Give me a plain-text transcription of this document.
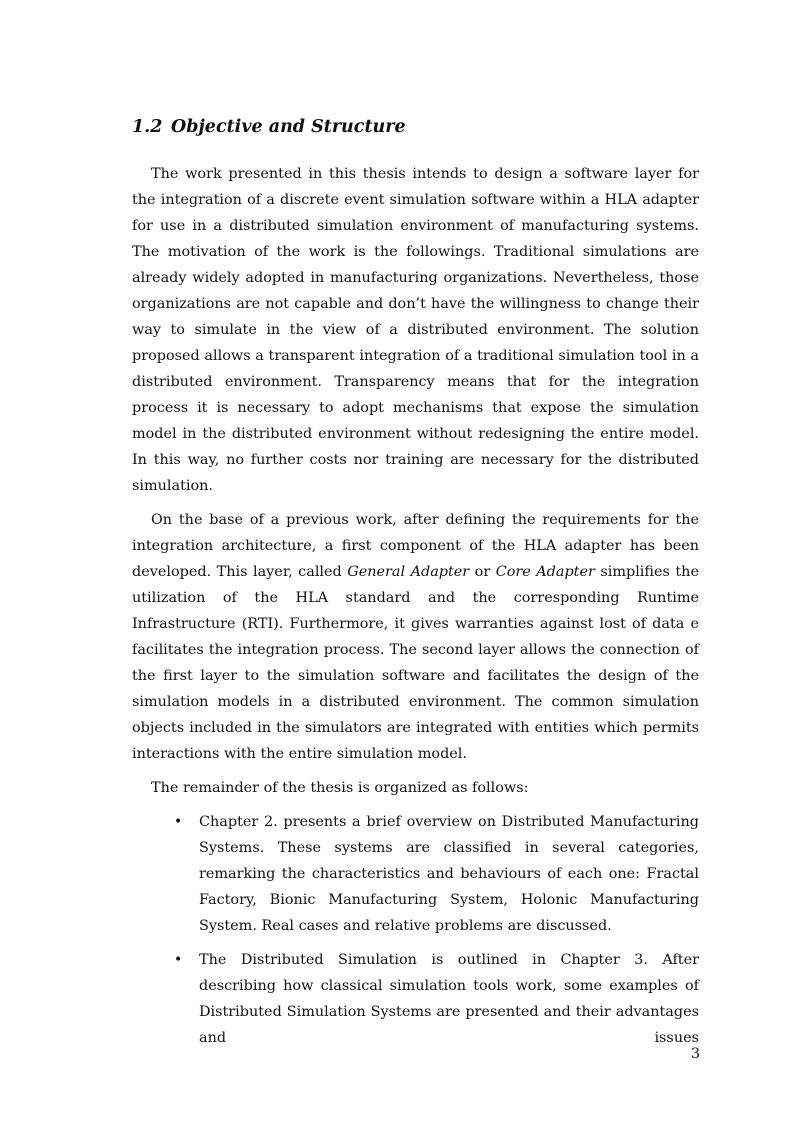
1.2 Objective and Structure

The work presented in this thesis intends to design a software layer for the integration of a discrete event simulation software within a HLA adapter for use in a distributed simulation environment of manufacturing systems. The motivation of the work is the followings. Traditional simulations are already widely adopted in manufacturing organizations. Nevertheless, those organizations are not capable and don’t have the willingness to change their way to simulate in the view of a distributed environment. The solution proposed allows a transparent integration of a traditional simulation tool in a distributed environment. Transparency means that for the integration process it is necessary to adopt mechanisms that expose the simulation model in the distributed environment without redesigning the entire model. In this way, no further costs nor training are necessary for the distributed simulation.

On the base of a previous work, after defining the requirements for the integration architecture, a first component of the HLA adapter has been developed. This layer, called General Adapter or Core Adapter simplifies the utilization of the HLA standard and the corresponding Runtime Infrastructure (RTI). Furthermore, it gives warranties against lost of data e facilitates the integration process. The second layer allows the connection of the first layer to the simulation software and facilitates the design of the simulation models in a distributed environment. The common simulation objects included in the simulators are integrated with entities which permits interactions with the entire simulation model.

The remainder of the thesis is organized as follows:

• Chapter 2. presents a brief overview on Distributed Manufacturing Systems. These systems are classified in several categories, remarking the characteristics and behaviours of each one: Fractal Factory, Bionic Manufacturing System, Holonic Manufacturing System. Real cases and relative problems are discussed.
• The Distributed Simulation is outlined in Chapter 3. After describing how classical simulation tools work, some examples of Distributed Simulation Systems are presented and their advantages and issues
3
